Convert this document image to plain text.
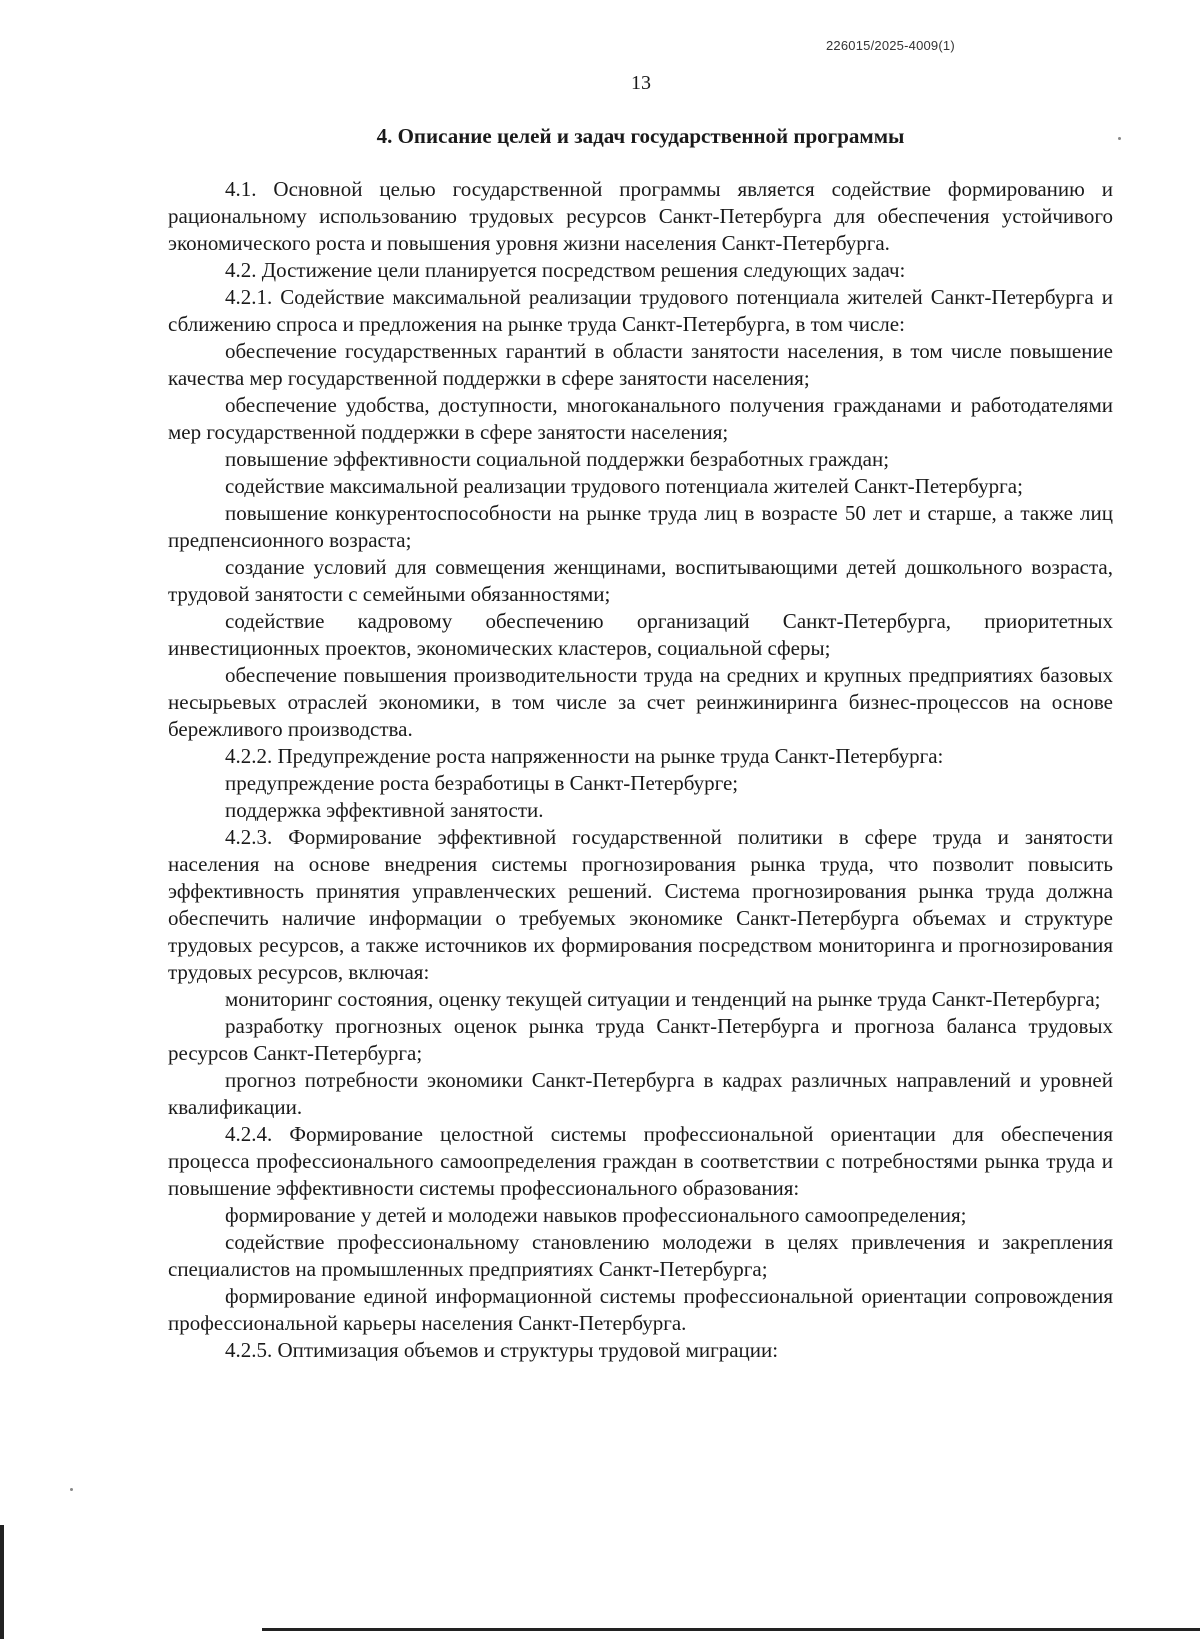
226015/2025-4009(1)
13
4. Описание целей и задач государственной программы

4.1. Основной целью государственной программы является содействие формированию и рациональному использованию трудовых ресурсов Санкт-Петербурга для обеспечения устойчивого экономического роста и повышения уровня жизни населения Санкт-Петербурга.

4.2. Достижение цели планируется посредством решения следующих задач:

4.2.1. Содействие максимальной реализации трудового потенциала жителей Санкт-Петербурга и сближению спроса и предложения на рынке труда Санкт-Петербурга, в том числе:

обеспечение государственных гарантий в области занятости населения, в том числе повышение качества мер государственной поддержки в сфере занятости населения;

обеспечение удобства, доступности, многоканального получения гражданами и работодателями мер государственной поддержки в сфере занятости населения;

повышение эффективности социальной поддержки безработных граждан;

содействие максимальной реализации трудового потенциала жителей Санкт-Петербурга;

повышение конкурентоспособности на рынке труда лиц в возрасте 50 лет и старше, а также лиц предпенсионного возраста;

создание условий для совмещения женщинами, воспитывающими детей дошкольного возраста, трудовой занятости с семейными обязанностями;

содействие кадровому обеспечению организаций Санкт-Петербурга, приоритетных инвестиционных проектов, экономических кластеров, социальной сферы;

обеспечение повышения производительности труда на средних и крупных предприятиях базовых несырьевых отраслей экономики, в том числе за счет реинжиниринга бизнес-процессов на основе бережливого производства.

4.2.2. Предупреждение роста напряженности на рынке труда Санкт-Петербурга:

предупреждение роста безработицы в Санкт-Петербурге;

поддержка эффективной занятости.

4.2.3. Формирование эффективной государственной политики в сфере труда и занятости населения на основе внедрения системы прогнозирования рынка труда, что позволит повысить эффективность принятия управленческих решений. Система прогнозирования рынка труда должна обеспечить наличие информации о требуемых экономике Санкт-Петербурга объемах и структуре трудовых ресурсов, а также источников их формирования посредством мониторинга и прогнозирования трудовых ресурсов, включая:

мониторинг состояния, оценку текущей ситуации и тенденций на рынке труда Санкт-Петербурга;

разработку прогнозных оценок рынка труда Санкт-Петербурга и прогноза баланса трудовых ресурсов Санкт-Петербурга;

прогноз потребности экономики Санкт-Петербурга в кадрах различных направлений и уровней квалификации.

4.2.4. Формирование целостной системы профессиональной ориентации для обеспечения процесса профессионального самоопределения граждан в соответствии с потребностями рынка труда и повышение эффективности системы профессионального образования:

формирование у детей и молодежи навыков профессионального самоопределения;

содействие профессиональному становлению молодежи в целях привлечения и закрепления специалистов на промышленных предприятиях Санкт-Петербурга;

формирование единой информационной системы профессиональной ориентации сопровождения профессиональной карьеры населения Санкт-Петербурга.

4.2.5. Оптимизация объемов и структуры трудовой миграции:
